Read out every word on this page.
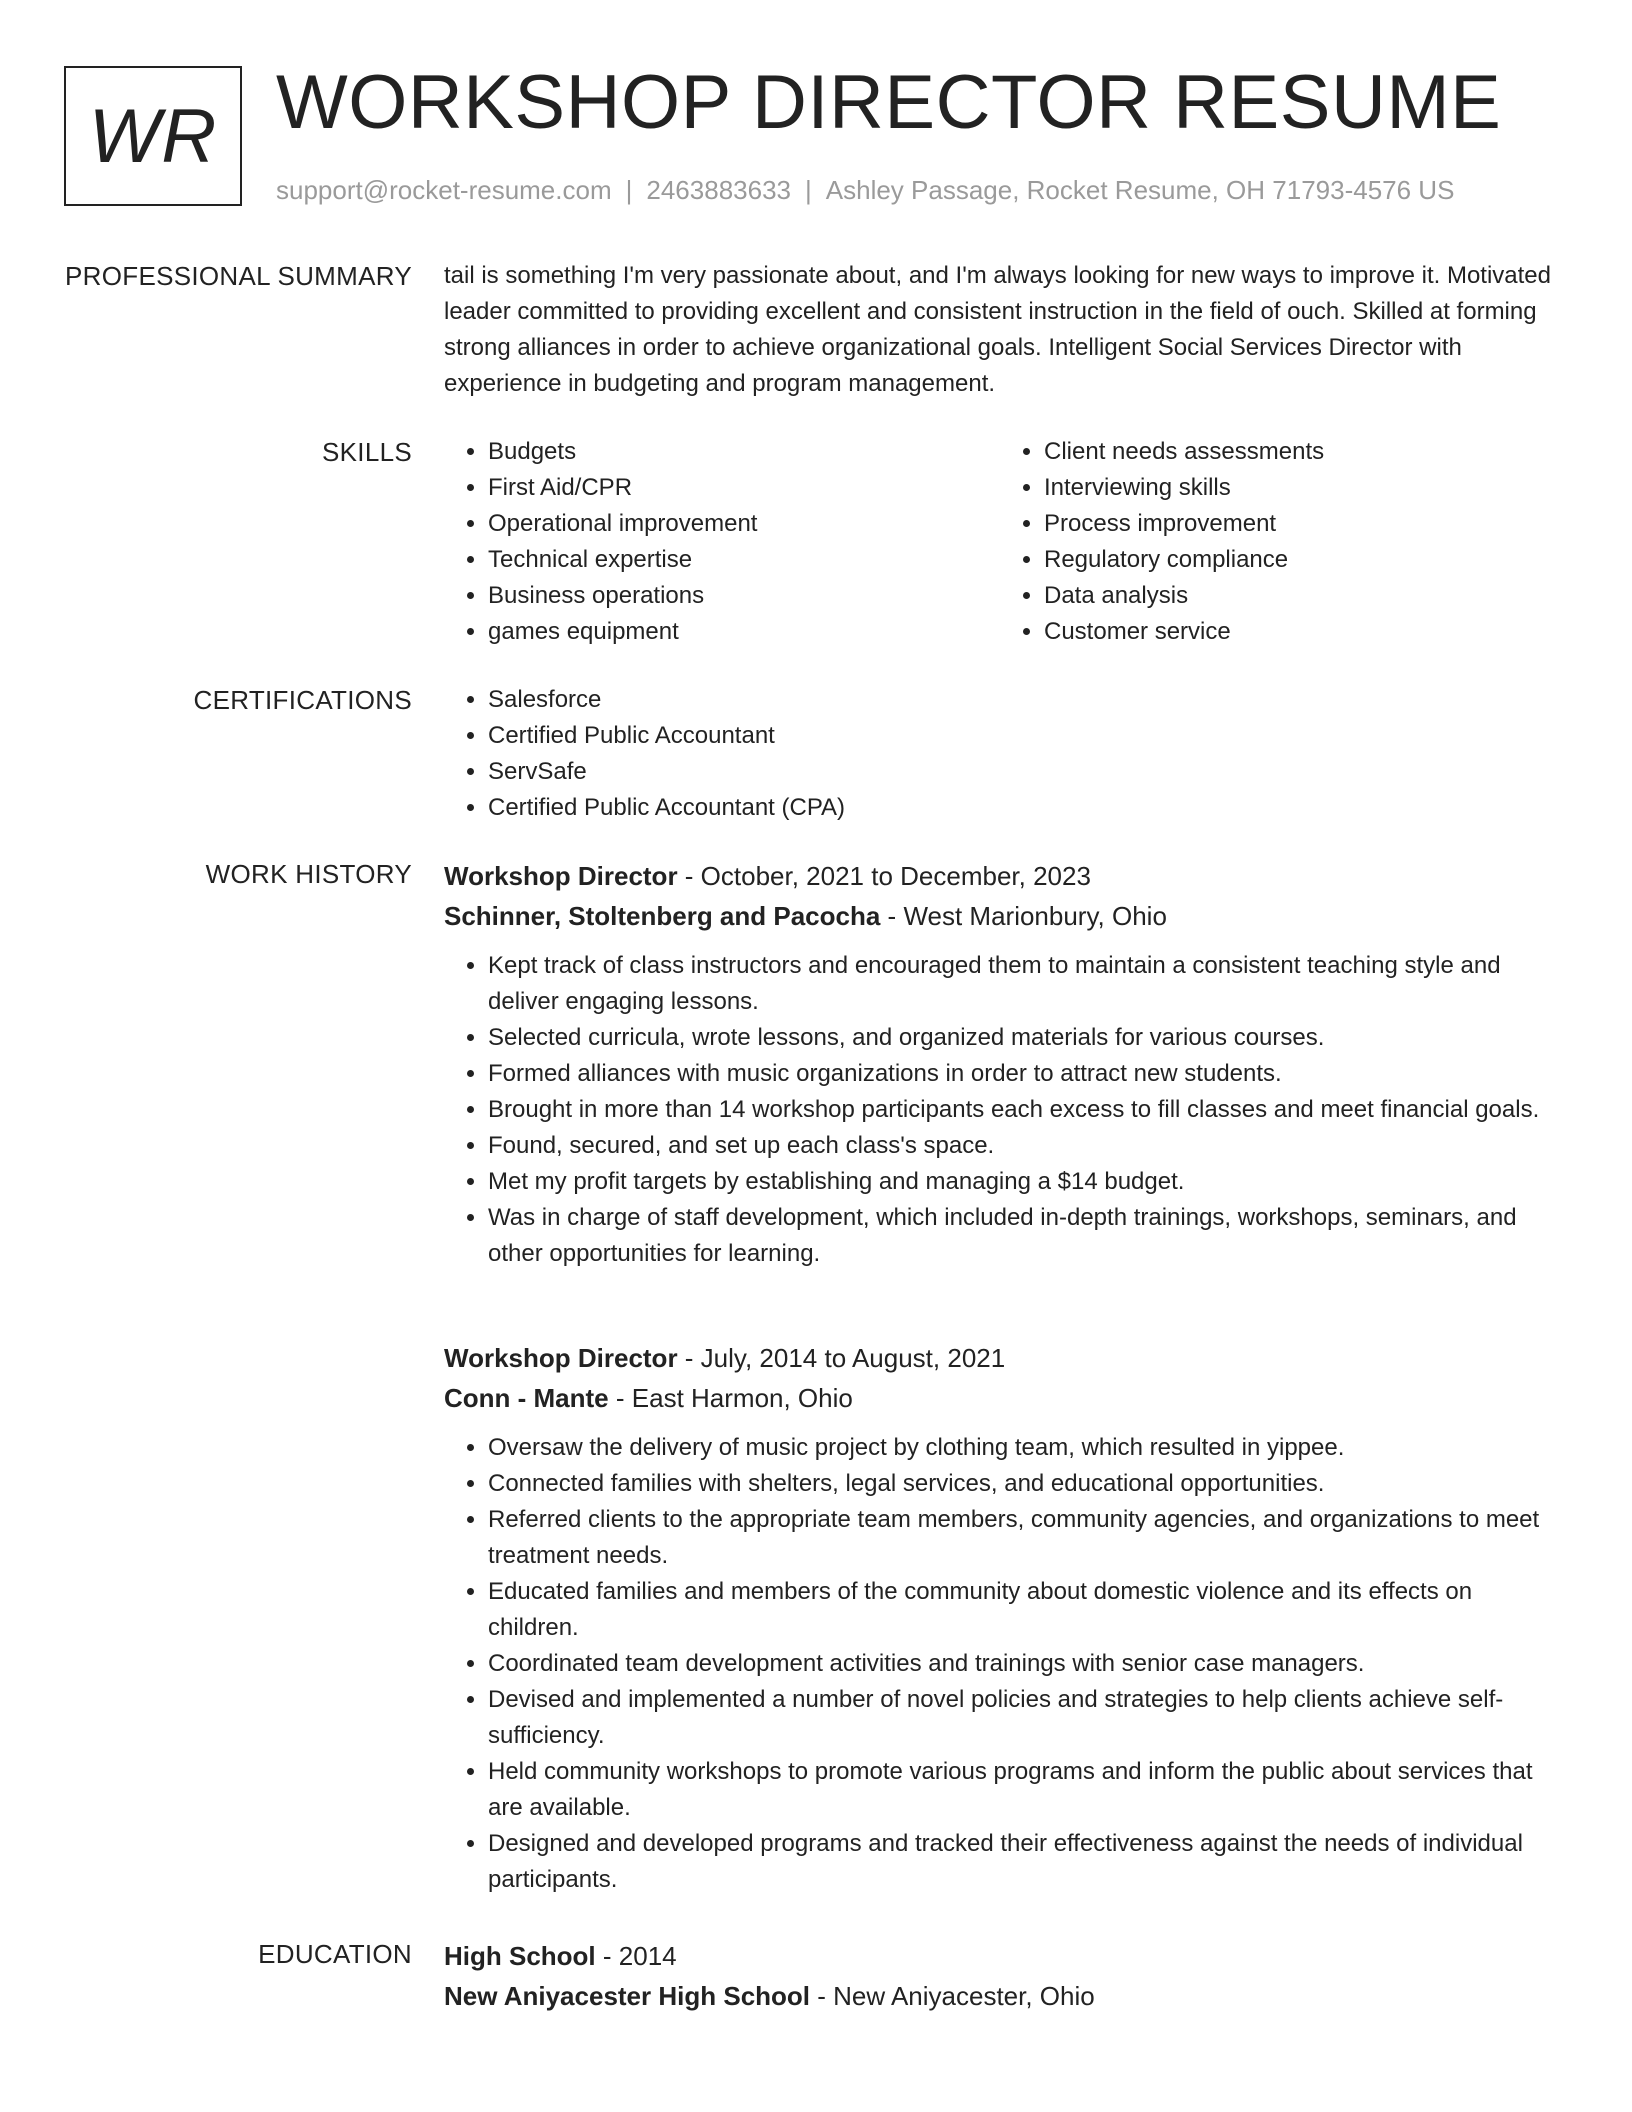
WR WORKSHOP DIRECTOR RESUME
support@rocket-resume.com | 2463883633 | Ashley Passage, Rocket Resume, OH 71793-4576 US
PROFESSIONAL SUMMARY tail is something I'm very passionate about, and I'm always looking for new ways to improve it. Motivated leader committed to providing excellent and consistent instruction in the field of ouch. Skilled at forming strong alliances in order to achieve organizational goals. Intelligent Social Services Director with experience in budgeting and program management.

SKILLS	• Budgets
• First Aid/CPR
• Operational improvement
• Technical expertise
• Business operations
• games equipment
• Client needs assessments
• Interviewing skills
• Process improvement
• Regulatory compliance
• Data analysis
• Customer service
CERTIFICATIONS	• Salesforce
• Certified Public Accountant
• ServSafe
• Certified Public Accountant (CPA)
WORK HISTORY Workshop Director - October, 2021 to December, 2023
Schinner, Stoltenberg and Pacocha - West Marionbury, Ohio
• Kept track of class instructors and encouraged them to maintain a consistent teaching style and deliver engaging lessons.
• Selected curricula, wrote lessons, and organized materials for various courses.
• Formed alliances with music organizations in order to attract new students.
• Brought in more than 14 workshop participants each excess to fill classes and meet financial goals.
• Found, secured, and set up each class's space.
• Met my profit targets by establishing and managing a $14 budget.
• Was in charge of staff development, which included in-depth trainings, workshops, seminars, and other opportunities for learning.
Workshop Director - July, 2014 to August, 2021
Conn - Mante - East Harmon, Ohio
• Oversaw the delivery of music project by clothing team, which resulted in yippee.
• Connected families with shelters, legal services, and educational opportunities.
• Referred clients to the appropriate team members, community agencies, and organizations to meet treatment needs.
• Educated families and members of the community about domestic violence and its effects on children.
• Coordinated team development activities and trainings with senior case managers.
• Devised and implemented a number of novel policies and strategies to help clients achieve self-sufficiency.
• Held community workshops to promote various programs and inform the public about services that are available.
• Designed and developed programs and tracked their effectiveness against the needs of individual participants.
EDUCATION High School - 2014
New Aniyacester High School - New Aniyacester, Ohio
